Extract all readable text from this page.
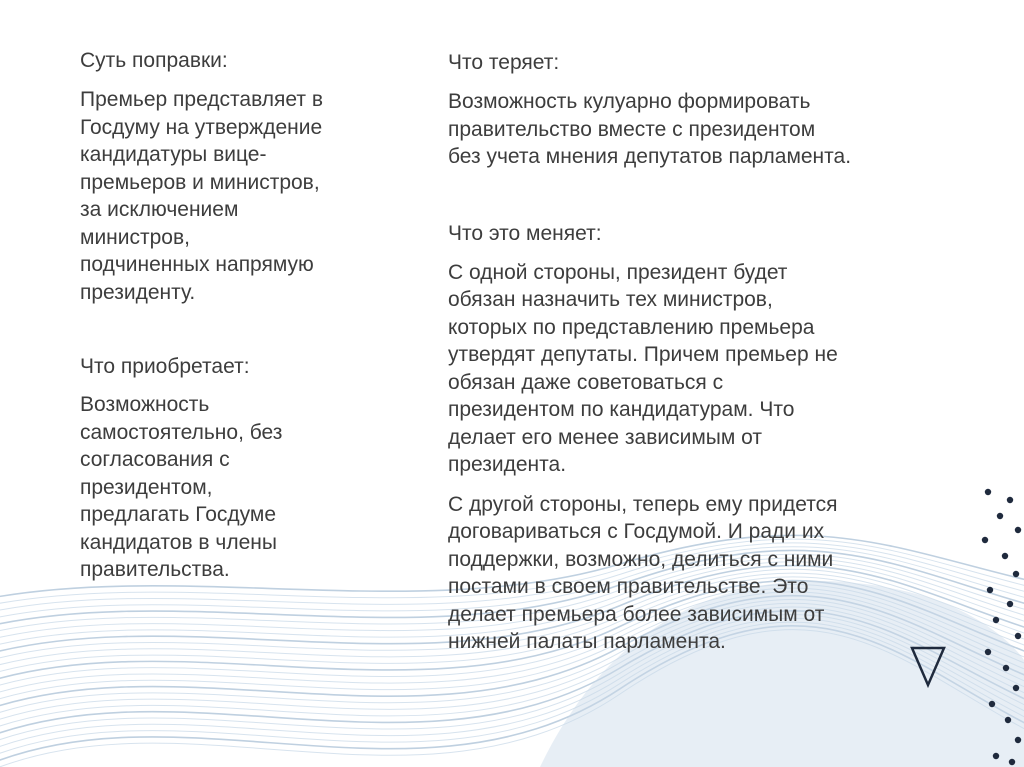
Суть поправки:

Премьер представляет в
Госдуму на утверждение
кандидатуры вице-
премьеров и министров,
за исключением
министров,
подчиненных напрямую
президенту.

Что приобретает:

Возможность
самостоятельно, без
согласования с
президентом,
предлагать Госдуме
кандидатов в члены
правительства.

Что теряет:

Возможность кулуарно формировать
правительство вместе с президентом
без учета мнения депутатов парламента.

Что это меняет:

С одной стороны, президент будет
обязан назначить тех министров,
которых по представлению премьера
утвердят депутаты. Причем премьер не
обязан даже советоваться с
президентом по кандидатурам. Что
делает его менее зависимым от
президента.

С другой стороны, теперь ему придется
договариваться с Госдумой. И ради их
поддержки, возможно, делиться с ними
постами в своем правительстве. Это
делает премьера более зависимым от
нижней палаты парламента.
